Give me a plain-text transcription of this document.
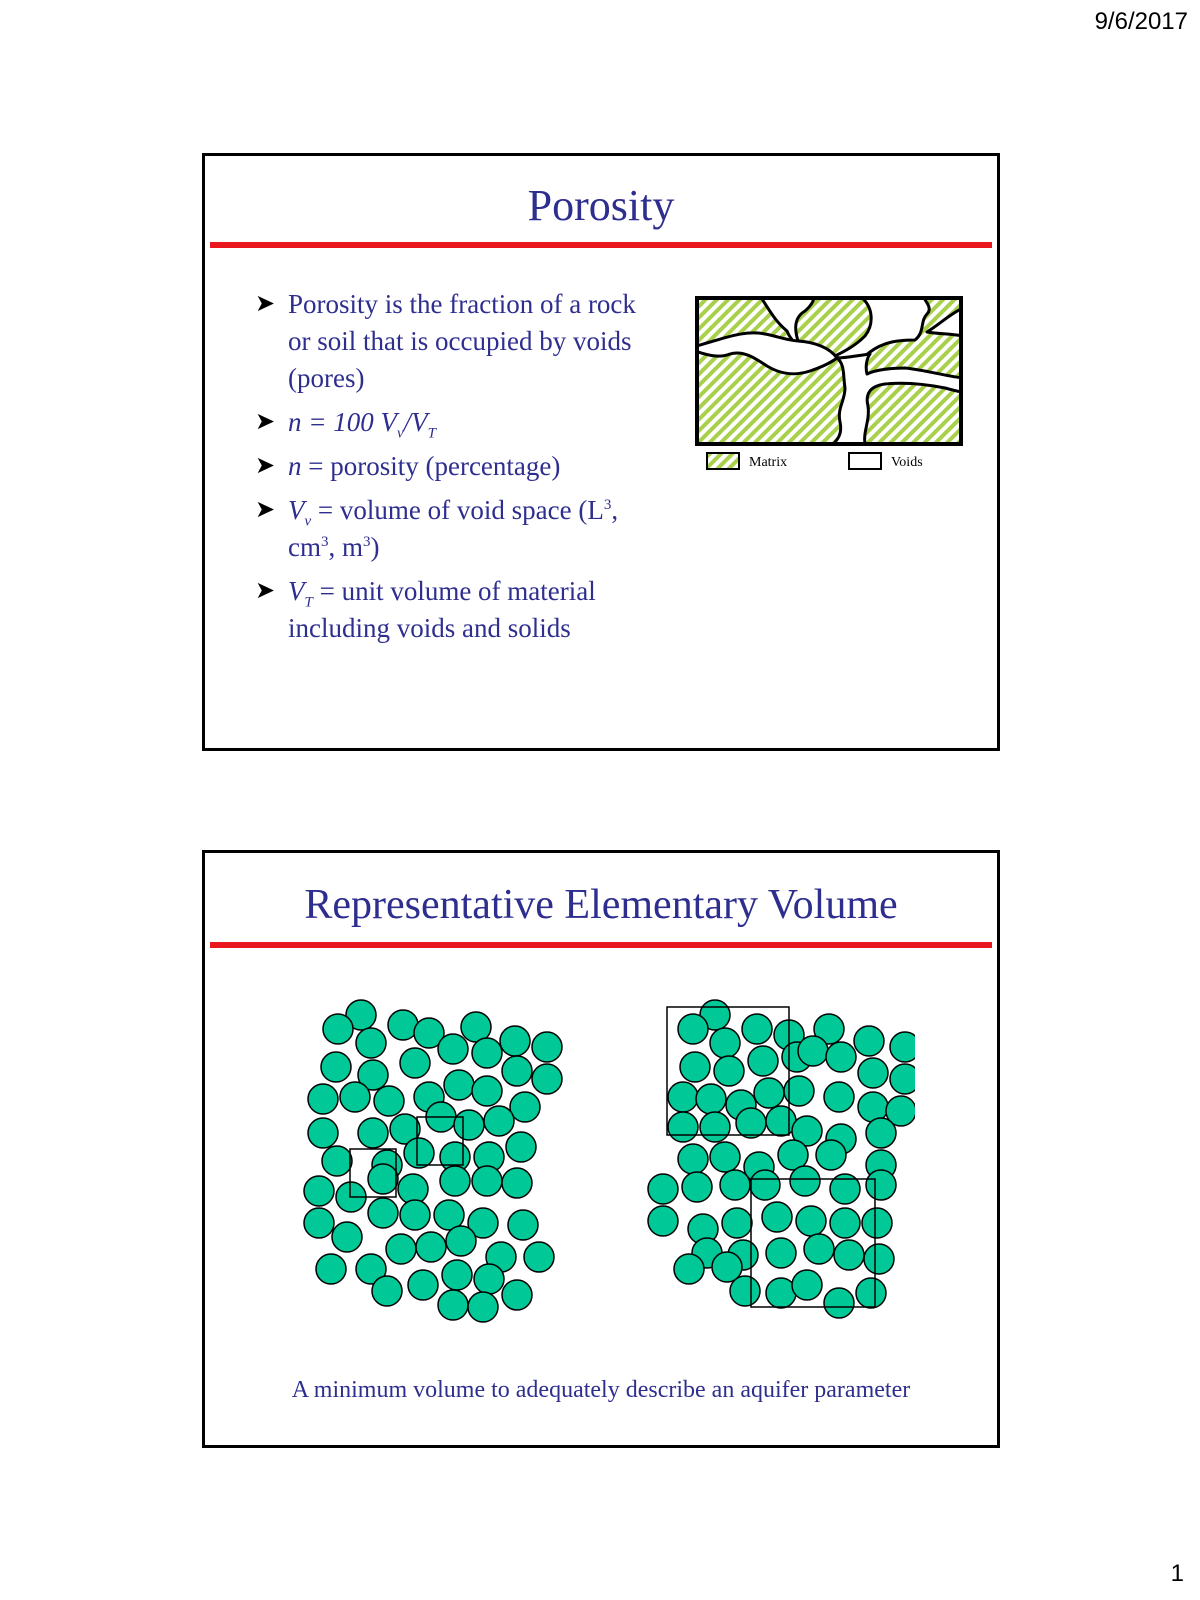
9/6/2017
Porosity
➤ Porosity is the fraction of a rock or soil that is occupied by voids (pores)
➤ n = 100 $V_v/V_T$
➤ n = porosity (percentage)
➤ $V_v$ = volume of void space ($L^3$, $cm^3$, $m^3$)
➤ $V_T$ = unit volume of material including voids and solids
Matrix	Voids
Representative Elementary Volume
A minimum volume to adequately describe an aquifer parameter
1
